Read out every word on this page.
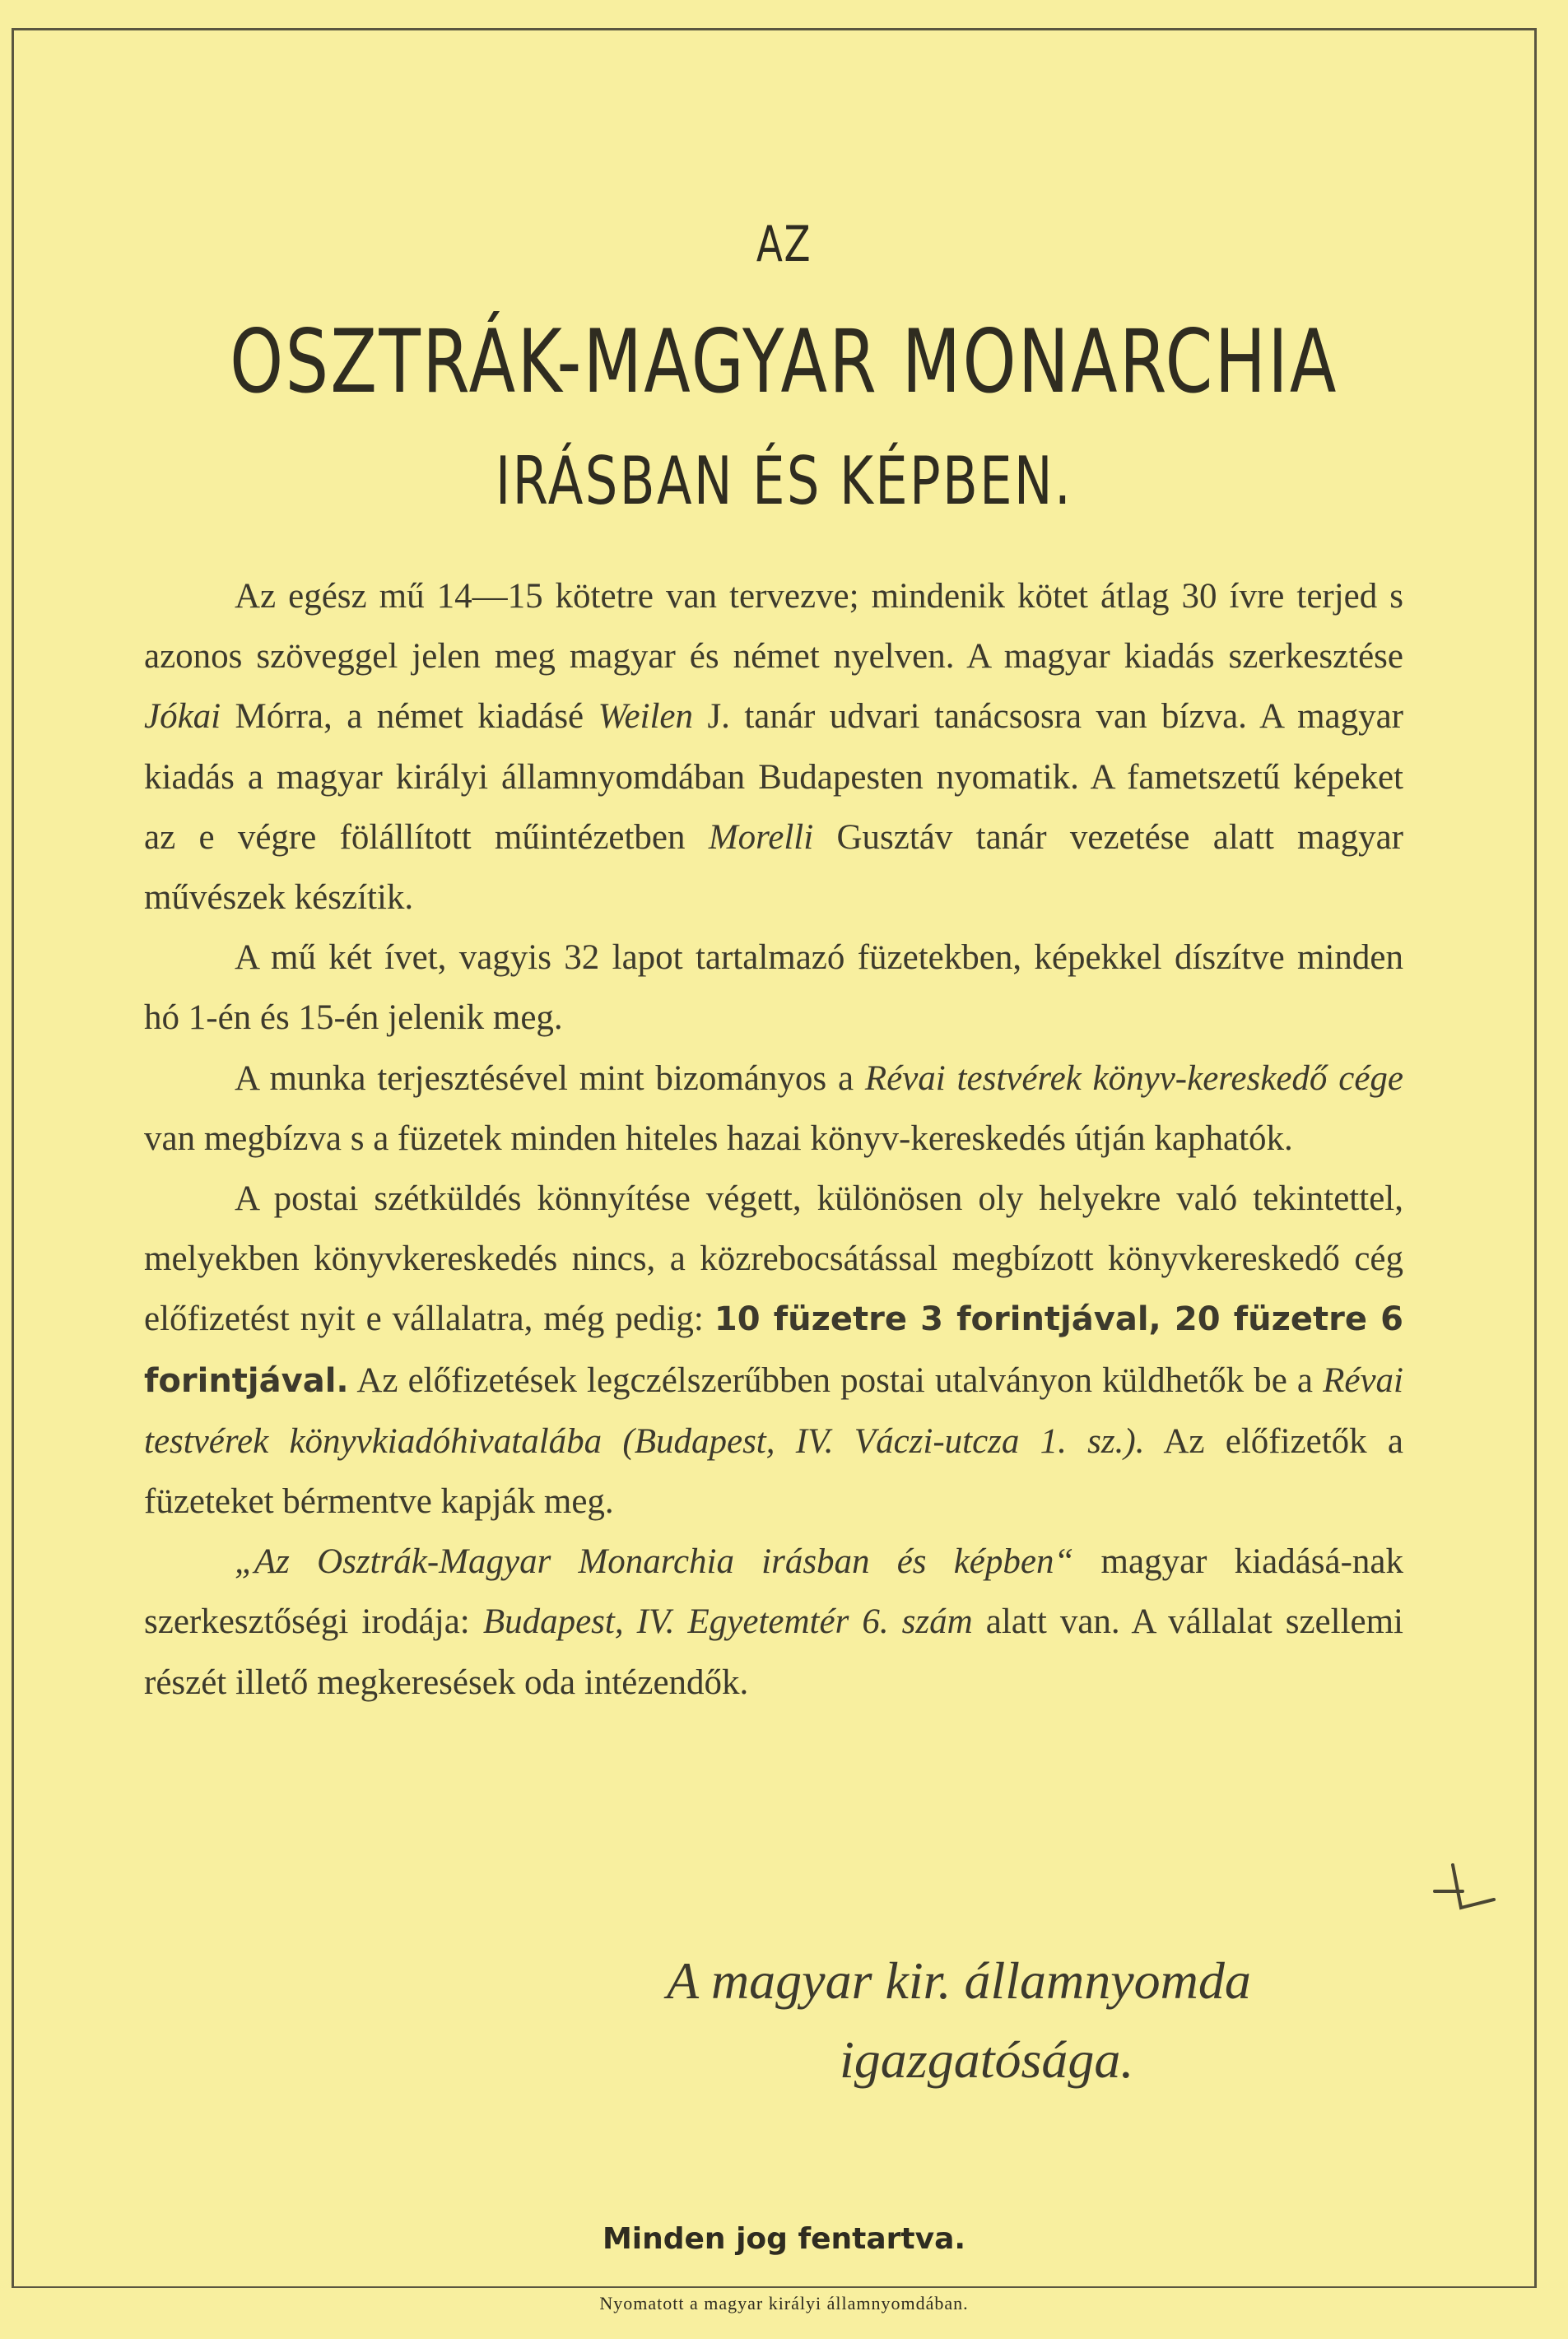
AZ
OSZTRÁK-MAGYAR MONARCHIA
IRÁSBAN ÉS KÉPBEN.

Az egész mű 14—15 kötetre van tervezve; mindenik kötet átlag 30 ívre terjed s azonos szöveggel jelen meg magyar és német nyelven. A magyar kiadás szerkesztése Jókai Mórra, a német kiadásé Weilen J. tanár udvari tanácsosra van bízva. A magyar kiadás a magyar királyi államnyomdában Budapesten nyomatik. A fametszetű képeket az e végre fölállított műintézetben Morelli Gusztáv tanár vezetése alatt magyar művészek készítik.

A mű két ívet, vagyis 32 lapot tartalmazó füzetekben, képekkel díszítve minden hó 1-én és 15-én jelenik meg.

A munka terjesztésével mint bizományos a Révai testvérek könyv-kereskedő cége van megbízva s a füzetek minden hiteles hazai könyv-kereskedés útján kaphatók.

A postai szétküldés könnyítése végett, különösen oly helyekre való tekintettel, melyekben könyvkereskedés nincs, a közrebocsátással megbízott könyvkereskedő cég előfizetést nyit e vállalatra, még pedig: 10 füzetre 3 forintjával, 20 füzetre 6 forintjával. Az előfizetések legczélszerűbben postai utalványon küldhetők be a Révai testvérek könyvkiadóhivatalába (Budapest, IV. Váczi-utcza 1. sz.). Az előfizetők a füzeteket bérmentve kapják meg.

„Az Osztrák-Magyar Monarchia irásban és képben“ magyar kiadásá-nak szerkesztőségi irodája: Budapest, IV. Egyetemtér 6. szám alatt van. A vállalat szellemi részét illető megkeresések oda intézendők.

A magyar kir. államnyomda
igazgatósága.
Minden jog fentartva.
Nyomatott a magyar királyi államnyomdában.
